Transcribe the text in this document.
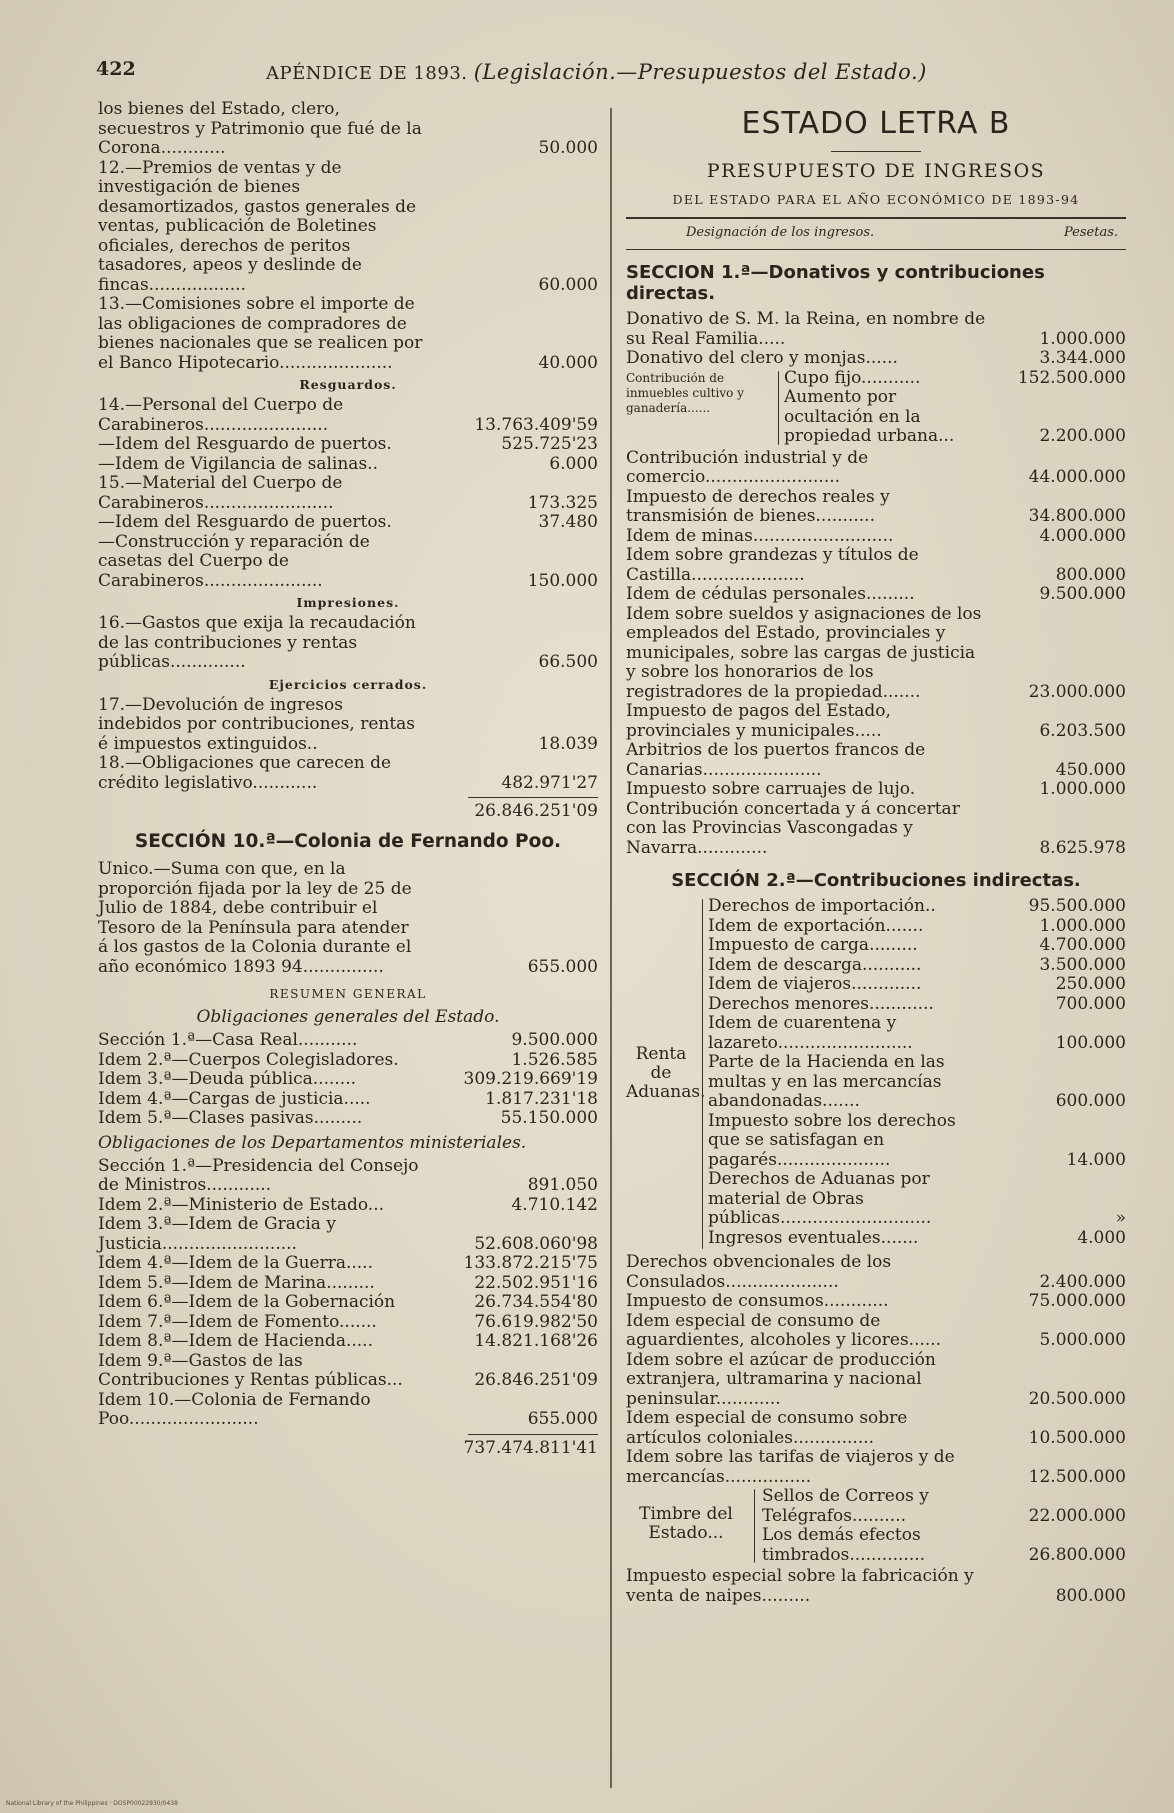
422	APÉNDICE DE 1893. (Legislación.—Presupuestos del Estado.)
los bienes del Estado, clero, secuestros y Patrimonio que fué de la Corona............	50.000
12.—Premios de ventas y de investigación de bienes desamortizados, gastos generales de ventas, publicación de Boletines oficiales, derechos de peritos tasadores, apeos y deslinde de fincas..................	60.000
13.—Comisiones sobre el importe de las obligaciones de compradores de bienes nacionales que se realicen por el Banco Hipotecario.....................	40.000
Resguardos.
14.—Personal del Cuerpo de Carabineros.......................	13.763.409'59
—Idem del Resguardo de puertos.	525.725'23
—Idem de Vigilancia de salinas..	6.000
15.—Material del Cuerpo de Carabineros........................	173.325
—Idem del Resguardo de puertos.	37.480
—Construcción y reparación de casetas del Cuerpo de Carabineros......................	150.000
Impresiones.
16.—Gastos que exija la recaudación de las contribuciones y rentas públicas..............	66.500
Ejercicios cerrados.
17.—Devolución de ingresos indebidos por contribuciones, rentas é impuestos extinguidos..	18.039
18.—Obligaciones que carecen de crédito legislativo............	482.971'27
26.846.251'09
SECCIÓN 10.ª—Colonia de Fernando Poo.
Unico.—Suma con que, en la proporción fijada por la ley de 25 de Julio de 1884, debe contribuir el Tesoro de la Península para atender á los gastos de la Colonia durante el año económico 1893 94...............	655.000
RESUMEN GENERAL
Obligaciones generales del Estado.
Sección 1.ª—Casa Real...........	9.500.000
Idem 2.ª—Cuerpos Colegisladores.	1.526.585
Idem 3.ª—Deuda pública........	309.219.669'19
Idem 4.ª—Cargas de justicia.....	1.817.231'18
Idem 5.ª—Clases pasivas.........	55.150.000
Obligaciones de los Departamentos ministeriales.
Sección 1.ª—Presidencia del Consejo de Ministros............	891.050
Idem 2.ª—Ministerio de Estado...	4.710.142
Idem 3.ª—Idem de Gracia y Justicia.........................	52.608.060'98
Idem 4.ª—Idem de la Guerra.....	133.872.215'75
Idem 5.ª—Idem de Marina.........	22.502.951'16
Idem 6.ª—Idem de la Gobernación	26.734.554'80
Idem 7.ª—Idem de Fomento.......	76.619.982'50
Idem 8.ª—Idem de Hacienda.....	14.821.168'26
Idem 9.ª—Gastos de las Contribuciones y Rentas públicas...	26.846.251'09
Idem 10.—Colonia de Fernando Poo........................	655.000
737.474.811'41
ESTADO LETRA B
PRESUPUESTO DE INGRESOS
DEL ESTADO PARA EL AÑO ECONÓMICO DE 1893-94
Designación de los ingresos.	Pesetas.
SECCION 1.ª—Donativos y contribuciones directas.
Donativo de S. M. la Reina, en nombre de su Real Familia.....	1.000.000
Donativo del clero y monjas......	3.344.000
Contribución de inmuebles cultivo y ganadería......
Cupo fijo...........	152.500.000
Aumento por ocultación en la propiedad urbana...	2.200.000
Contribución industrial y de comercio.........................	44.000.000
Impuesto de derechos reales y transmisión de bienes...........	34.800.000
Idem de minas..........................	4.000.000
Idem sobre grandezas y títulos de Castilla.....................	800.000
Idem de cédulas personales.........	9.500.000
Idem sobre sueldos y asignaciones de los empleados del Estado, provinciales y municipales, sobre las cargas de justicia y sobre los honorarios de los registradores de la propiedad.......	23.000.000
Impuesto de pagos del Estado, provinciales y municipales.....	6.203.500
Arbitrios de los puertos francos de Canarias......................	450.000
Impuesto sobre carruajes de lujo.	1.000.000
Contribución concertada y á concertar con las Provincias Vascongadas y Navarra.............	8.625.978
SECCIÓN 2.ª—Contribuciones indirectas.
Renta de Aduanas.
Derechos de importación..	95.500.000
Idem de exportación.......	1.000.000
Impuesto de carga.........	4.700.000
Idem de descarga...........	3.500.000
Idem de viajeros.............	250.000
Derechos menores............	700.000
Idem de cuarentena y lazareto.........................	100.000
Parte de la Hacienda en las multas y en las mercancías abandonadas.......	600.000
Impuesto sobre los derechos que se satisfagan en pagarés.....................	14.000
Derechos de Aduanas por material de Obras públicas............................	»
Ingresos eventuales.......	4.000
Derechos obvencionales de los Consulados.....................	2.400.000
Impuesto de consumos............	75.000.000
Idem especial de consumo de aguardientes, alcoholes y licores......	5.000.000
Idem sobre el azúcar de producción extranjera, ultramarina y nacional peninsular............	20.500.000
Idem especial de consumo sobre artículos coloniales...............	10.500.000
Idem sobre las tarifas de viajeros y de mercancías................	12.500.000
Timbre del Estado...
Sellos de Correos y Telégrafos..........	22.000.000
Los demás efectos timbrados..............	26.800.000
Impuesto especial sobre la fabricación y venta de naipes.........	800.000
National Library of the Philippines · DOSP00022930/0438
